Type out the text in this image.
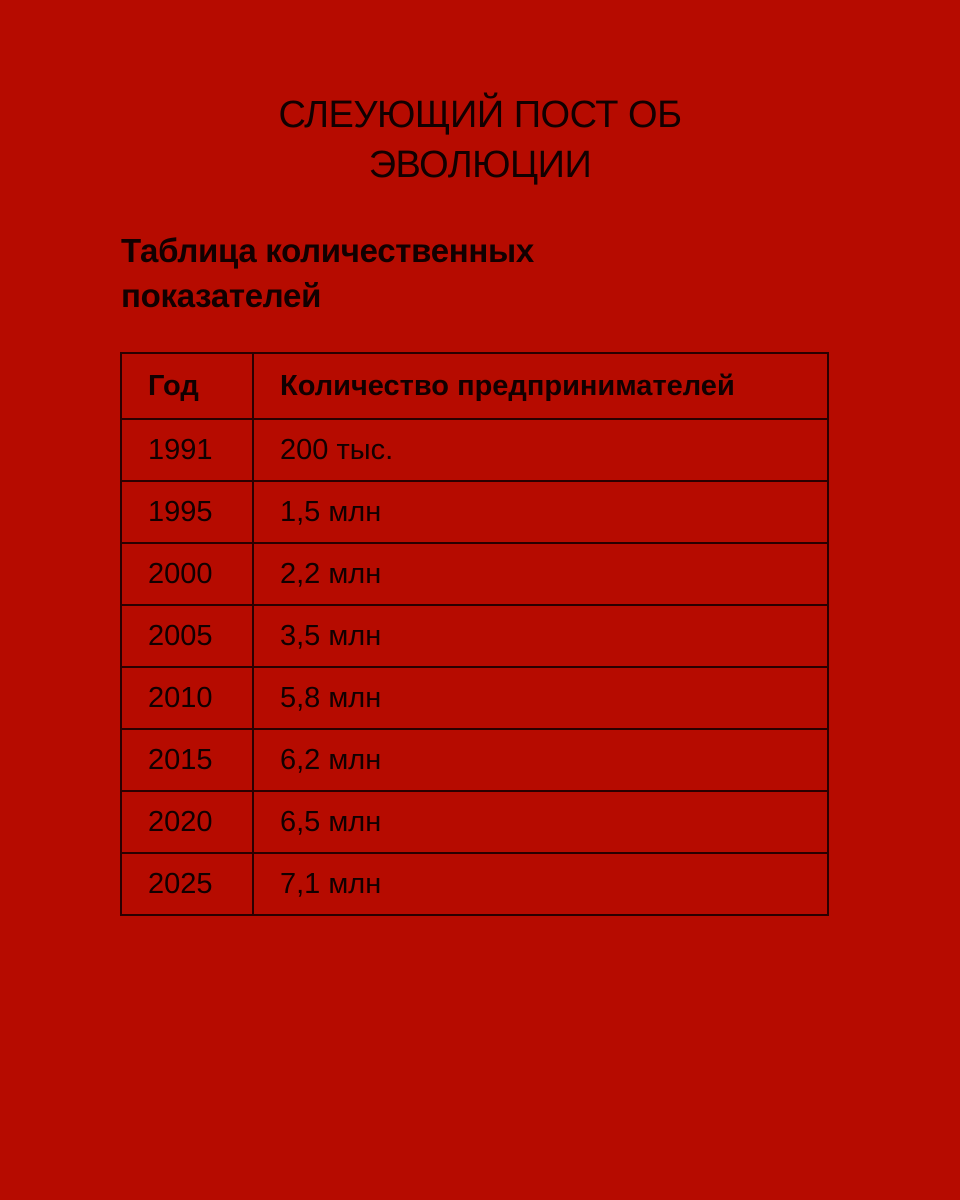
СЛЕУЮЩИЙ ПОСТ ОБ
ЭВОЛЮЦИИ
Таблица количественных
показателей
Год	Количество предпринимателей
1991	200 тыс.
1995	1,5 млн
2000	2,2 млн
2005	3,5 млн
2010	5,8 млн
2015	6,2 млн
2020	6,5 млн
2025	7,1 млн
